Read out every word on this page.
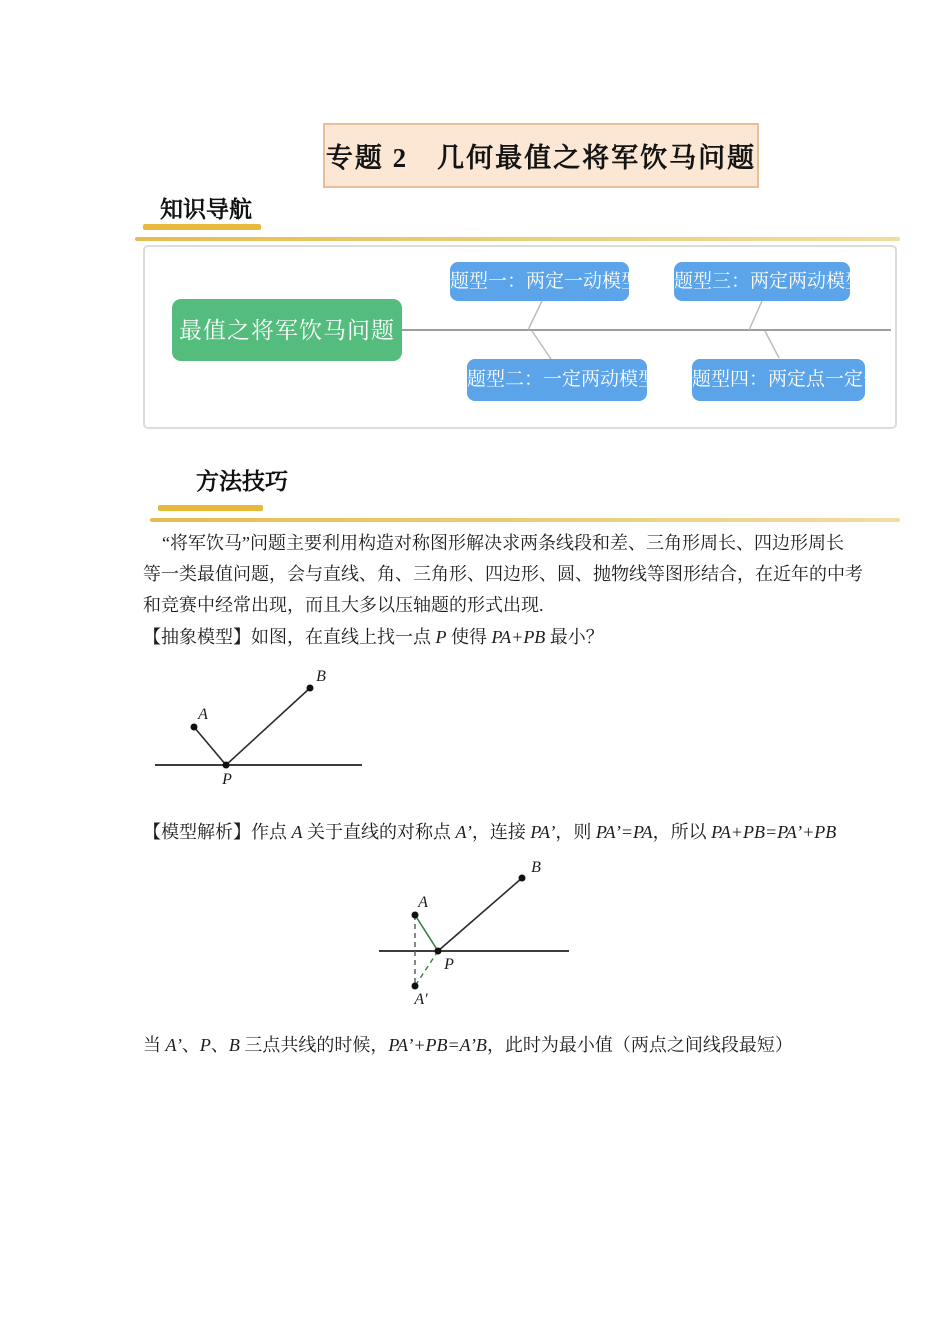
专题 2　几何最值之将军饮马问题
知识导航
最值之将军饮马问题
题型一：两定一动模型
题型二：一定两动模型
题型三：两定两动模型
题型四：两定点一定长
方法技巧
“将军饮马”问题主要利用构造对称图形解决求两条线段和差、三角形周长、四边形周长
等一类最值问题，会与直线、角、三角形、四边形、圆、抛物线等图形结合，在近年的中考
和竞赛中经常出现，而且大多以压轴题的形式出现.
【抽象模型】如图，在直线上找一点 P 使得 PA+PB 最小？
A
B
P
【模型解析】作点 A 关于直线的对称点 A’，连接 PA’，则 PA’=PA，所以 PA+PB=PA’+PB
B
A
P
A′
当 A’、P、B 三点共线的时候，PA’+PB=A’B，此时为最小值（两点之间线段最短）
